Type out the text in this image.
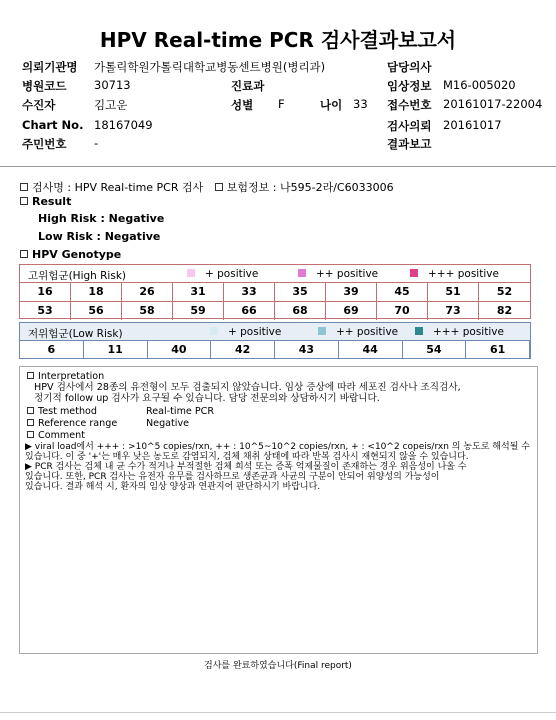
HPV Real-time PCR 검사결과보고서
의뢰기관명 가톨릭학원가톨릭대학교병동센트병원(병리과)	담당의사
병원코드 30713	진료과	임상정보 M16-005020
수진자	김고운	성별 F	나이 33 접수번호 20161017-22004
Chart No. 18167049	검사의뢰 20161017
주민번호 -	결과보고
검사명 : HPV Real-time PCR 검사 보험정보 : 나595-2라/C6033006
Result
High Risk : Negative
Low Risk : Negative
HPV Genotype
고위험군(High Risk)	+ positive	++ positive	+++ positive
16	18	26	31	33	35	39	45	51	52
53	56	58	59	66	68	69	70	73	82
저위험군(Low Risk)	+ positive	++ positive	+++ positive
6	11	40	42	43	44	54	61
Interpretation
HPV 검사에서 28종의 유전형이 모두 검출되지 않았습니다. 임상 증상에 따라 세포진 검사나 조직검사,
정기적 follow up 검사가 요구될 수 있습니다. 담당 전문의와 상담하시기 바랍니다.
Test method	Real-time PCR
Reference range	Negative
Comment
▶ viral load에서 +++ : >10^5 copies/rxn, ++ : 10^5~10^2 copies/rxn, + : <10^2 copeis/rxn 의 농도로 해석될 수
있습니다. 이 중 '+'는 매우 낮은 농도로 감염되지, 검체 채취 상태에 따라 반복 검사시 재현되지 않을 수 있습니다.
▶ PCR 검사는 검체 내 균 수가 적거나 부적절한 검체 희석 또는 증폭 억제물질이 존재하는 경우 위음성이 나올 수
있습니다. 또한, PCR 검사는 유전자 유무를 검사하므로 생존균과 사균의 구분이 안되어 위양성의 가능성이
있습니다. 결과 해석 시, 환자의 임상 양상과 연관지어 판단하시기 바랍니다.
검사를 완료하였습니다(Final report)
